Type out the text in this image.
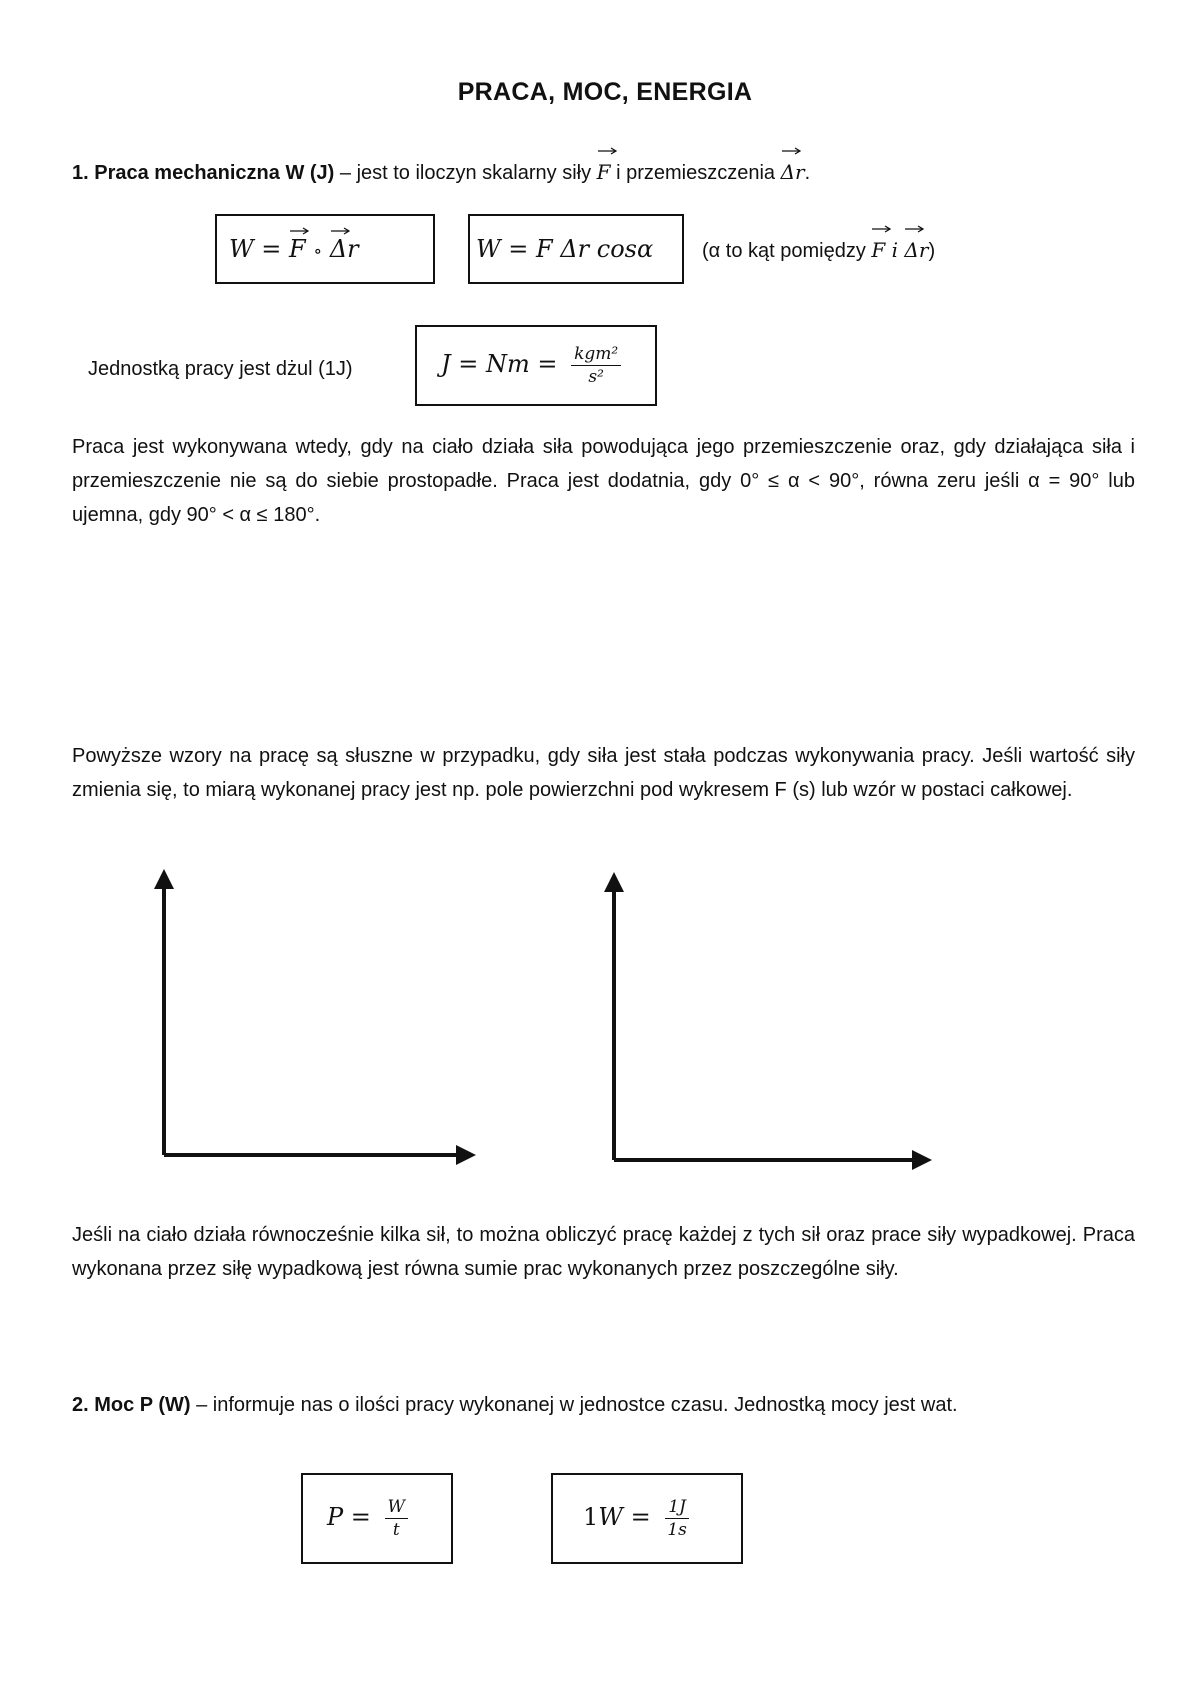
PRACA, MOC, ENERGIA
1. Praca mechaniczna W (J) – jest to iloczyn skalarny siły
F i przemieszczenia
Δr.
W =
F ∘ Δr	W = F Δr cosα (α to kąt pomiędzy
F i
Δr)
Jednostką pracy jest dżul (1J)	$J = Nm = \frac{\text{kgm²}}{\text{s²}}$
Praca jest wykonywana wtedy, gdy na ciało działa siła powodująca jego przemieszczenie oraz, gdy działająca siła i przemieszczenie nie są do siebie prostopadłe. Praca jest dodatnia, gdy 0° ≤ α < 90°, równa zeru jeśli α = 90° lub ujemna, gdy 90° < α ≤ 180°.
Powyższe wzory na pracę są słuszne w przypadku, gdy siła jest stała podczas wykonywania pracy. Jeśli wartość siły zmienia się, to miarą wykonanej pracy jest np. pole powierzchni pod wykresem F (s) lub wzór w postaci całkowej.
Jeśli na ciało działa równocześnie kilka sił, to można obliczyć pracę każdej z tych sił oraz prace siły wypadkowej. Praca wykonana przez siłę wypadkową jest równa sumie prac wykonanych przez poszczególne siły.
2. Moc P (W) – informuje nas o ilości pracy wykonanej w jednostce czasu. Jednostką mocy jest wat.
$P = \frac{W}{t}$	$1W = \frac{1J}{1s}$
